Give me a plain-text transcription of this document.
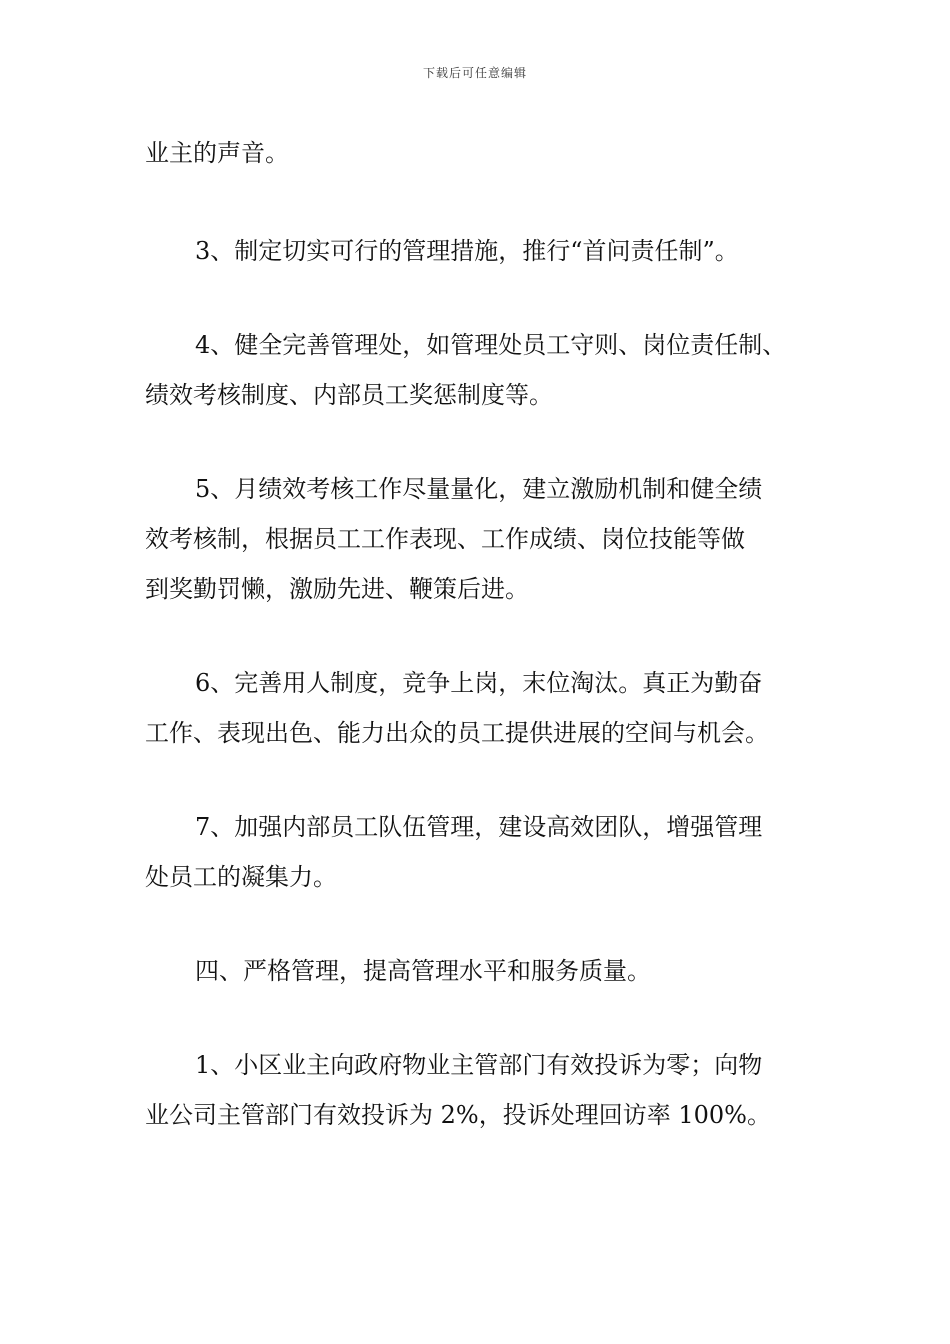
下载后可任意编辑
业主的声音。
3、制定切实可行的管理措施，推行“首问责任制”。
4、健全完善管理处，如管理处员工守则、岗位责任制、
绩效考核制度、内部员工奖惩制度等。
5、月绩效考核工作尽量量化，建立激励机制和健全绩
效考核制，根据员工工作表现、工作成绩、岗位技能等做
到奖勤罚懒，激励先进、鞭策后进。
6、完善用人制度，竞争上岗，末位淘汰。真正为勤奋
工作、表现出色、能力出众的员工提供进展的空间与机会。
7、加强内部员工队伍管理，建设高效团队，增强管理
处员工的凝集力。
四、严格管理，提高管理水平和服务质量。
1、小区业主向政府物业主管部门有效投诉为零；向物
业公司主管部门有效投诉为 2%，投诉处理回访率 100%。
